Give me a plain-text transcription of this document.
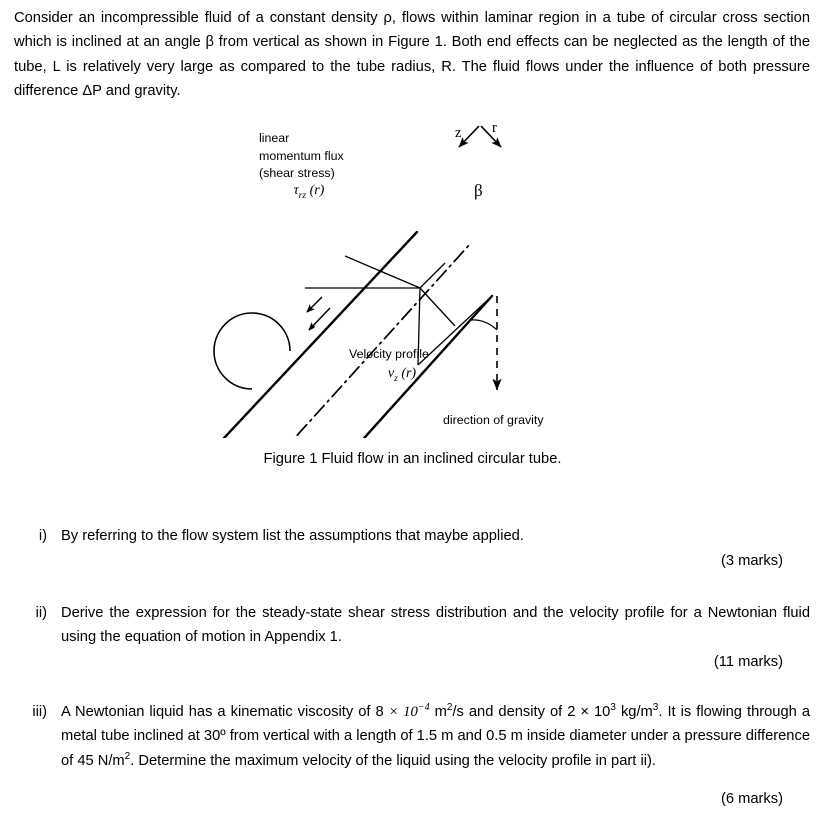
Consider an incompressible fluid of a constant density ρ, flows within laminar region in a tube of circular cross section which is inclined at an angle β from vertical as shown in Figure 1. Both end effects can be neglected as the length of the tube, L is relatively very large as compared to the tube radius, R. The fluid flows under the influence of both pressure difference ΔP and gravity.
linear
momentum flux
(shear stress)
$\tau_{rz}$ (r)
Velocity profile
$v_z$ (r)
direction of gravity
z r
β
Figure 1 Fluid flow in an inclined circular tube.
i) By referring to the flow system list the assumptions that maybe applied.
(3 marks)
ii) Derive the expression for the steady-state shear stress distribution and the velocity profile for a Newtonian fluid using the equation of motion in Appendix 1.
(11 marks)
iii) A Newtonian liquid has a kinematic viscosity of $8 \times 10^{-4}$ $m^2/s$ and density of $2 \times 10^3$ $kg/m^3$. It is flowing through a metal tube inclined at 30º from vertical with a length of 1.5 m and 0.5 m inside diameter under a pressure difference of 45 $N/m^2$. Determine the maximum velocity of the liquid using the velocity profile in part ii).
(6 marks)
